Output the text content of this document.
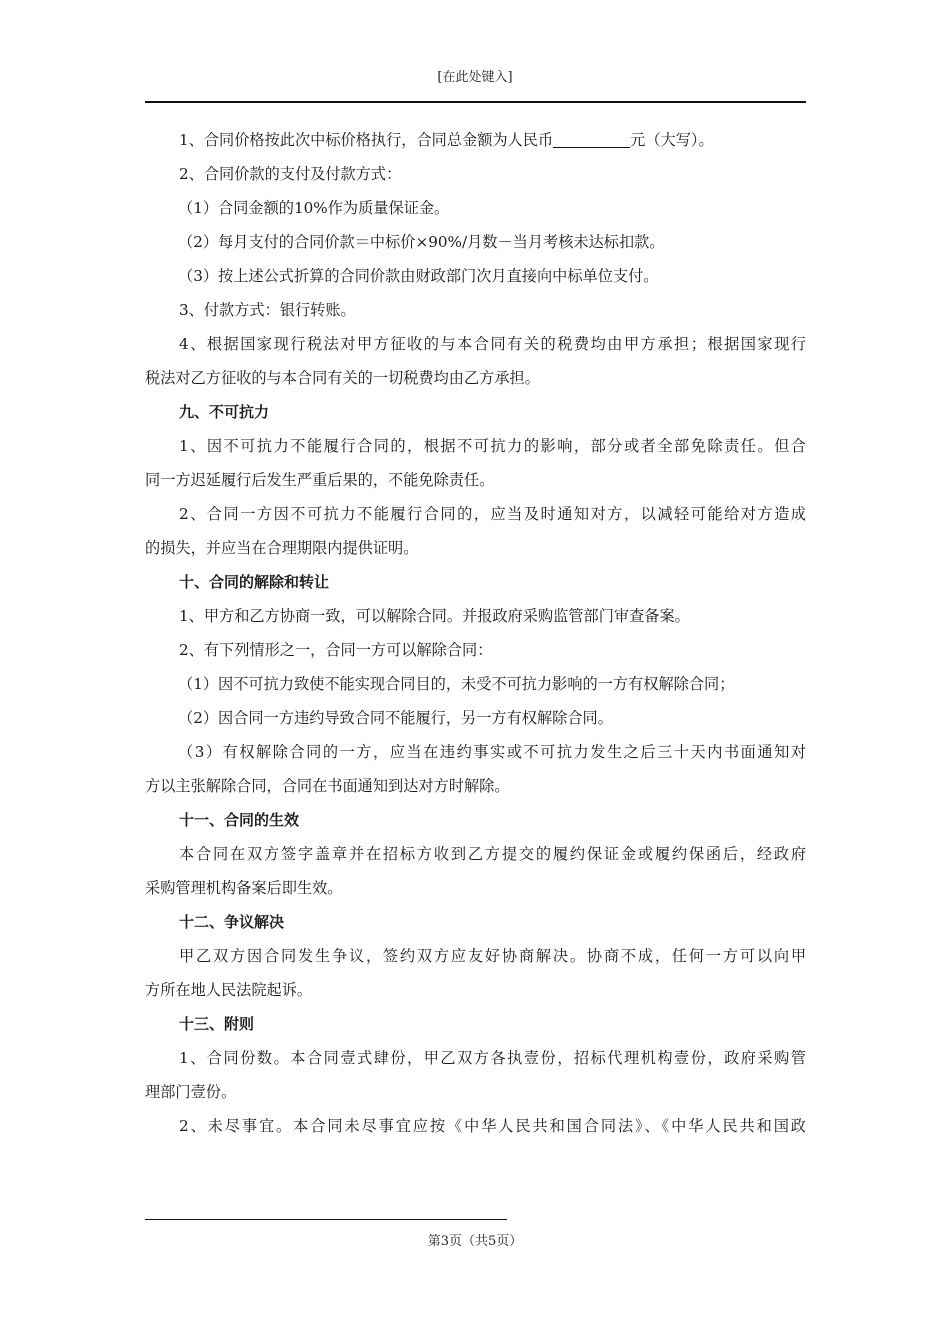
[在此处键入]
1、合同价格按此次中标价格执行，合同总金额为人民币	元（大写）。
2、合同价款的支付及付款方式：
（1）合同金额的10%作为质量保证金。
（2）每月支付的合同价款＝中标价×90%/月数－当月考核未达标扣款。
（3）按上述公式折算的合同价款由财政部门次月直接向中标单位支付。
3、付款方式：银行转账。
4、根据国家现行税法对甲方征收的与本合同有关的税费均由甲方承担；根据国家现行
税法对乙方征收的与本合同有关的一切税费均由乙方承担。
九、不可抗力
1、因不可抗力不能履行合同的，根据不可抗力的影响，部分或者全部免除责任。但合
同一方迟延履行后发生严重后果的，不能免除责任。
2、合同一方因不可抗力不能履行合同的，应当及时通知对方，以减轻可能给对方造成
的损失，并应当在合理期限内提供证明。
十、合同的解除和转让
1、甲方和乙方协商一致，可以解除合同。并报政府采购监管部门审查备案。
2、有下列情形之一，合同一方可以解除合同：
（1）因不可抗力致使不能实现合同目的，未受不可抗力影响的一方有权解除合同；
（2）因合同一方违约导致合同不能履行，另一方有权解除合同。
（3）有权解除合同的一方，应当在违约事实或不可抗力发生之后三十天内书面通知对
方以主张解除合同，合同在书面通知到达对方时解除。
十一、合同的生效
本合同在双方签字盖章并在招标方收到乙方提交的履约保证金或履约保函后，经政府
采购管理机构备案后即生效。
十二、争议解决
甲乙双方因合同发生争议，签约双方应友好协商解决。协商不成，任何一方可以向甲
方所在地人民法院起诉。
十三、附则
1、合同份数。本合同壹式肆份，甲乙双方各执壹份，招标代理机构壹份，政府采购管
理部门壹份。
2、未尽事宜。本合同未尽事宜应按《中华人民共和国合同法》、《中华人民共和国政
第3页（共5页）
